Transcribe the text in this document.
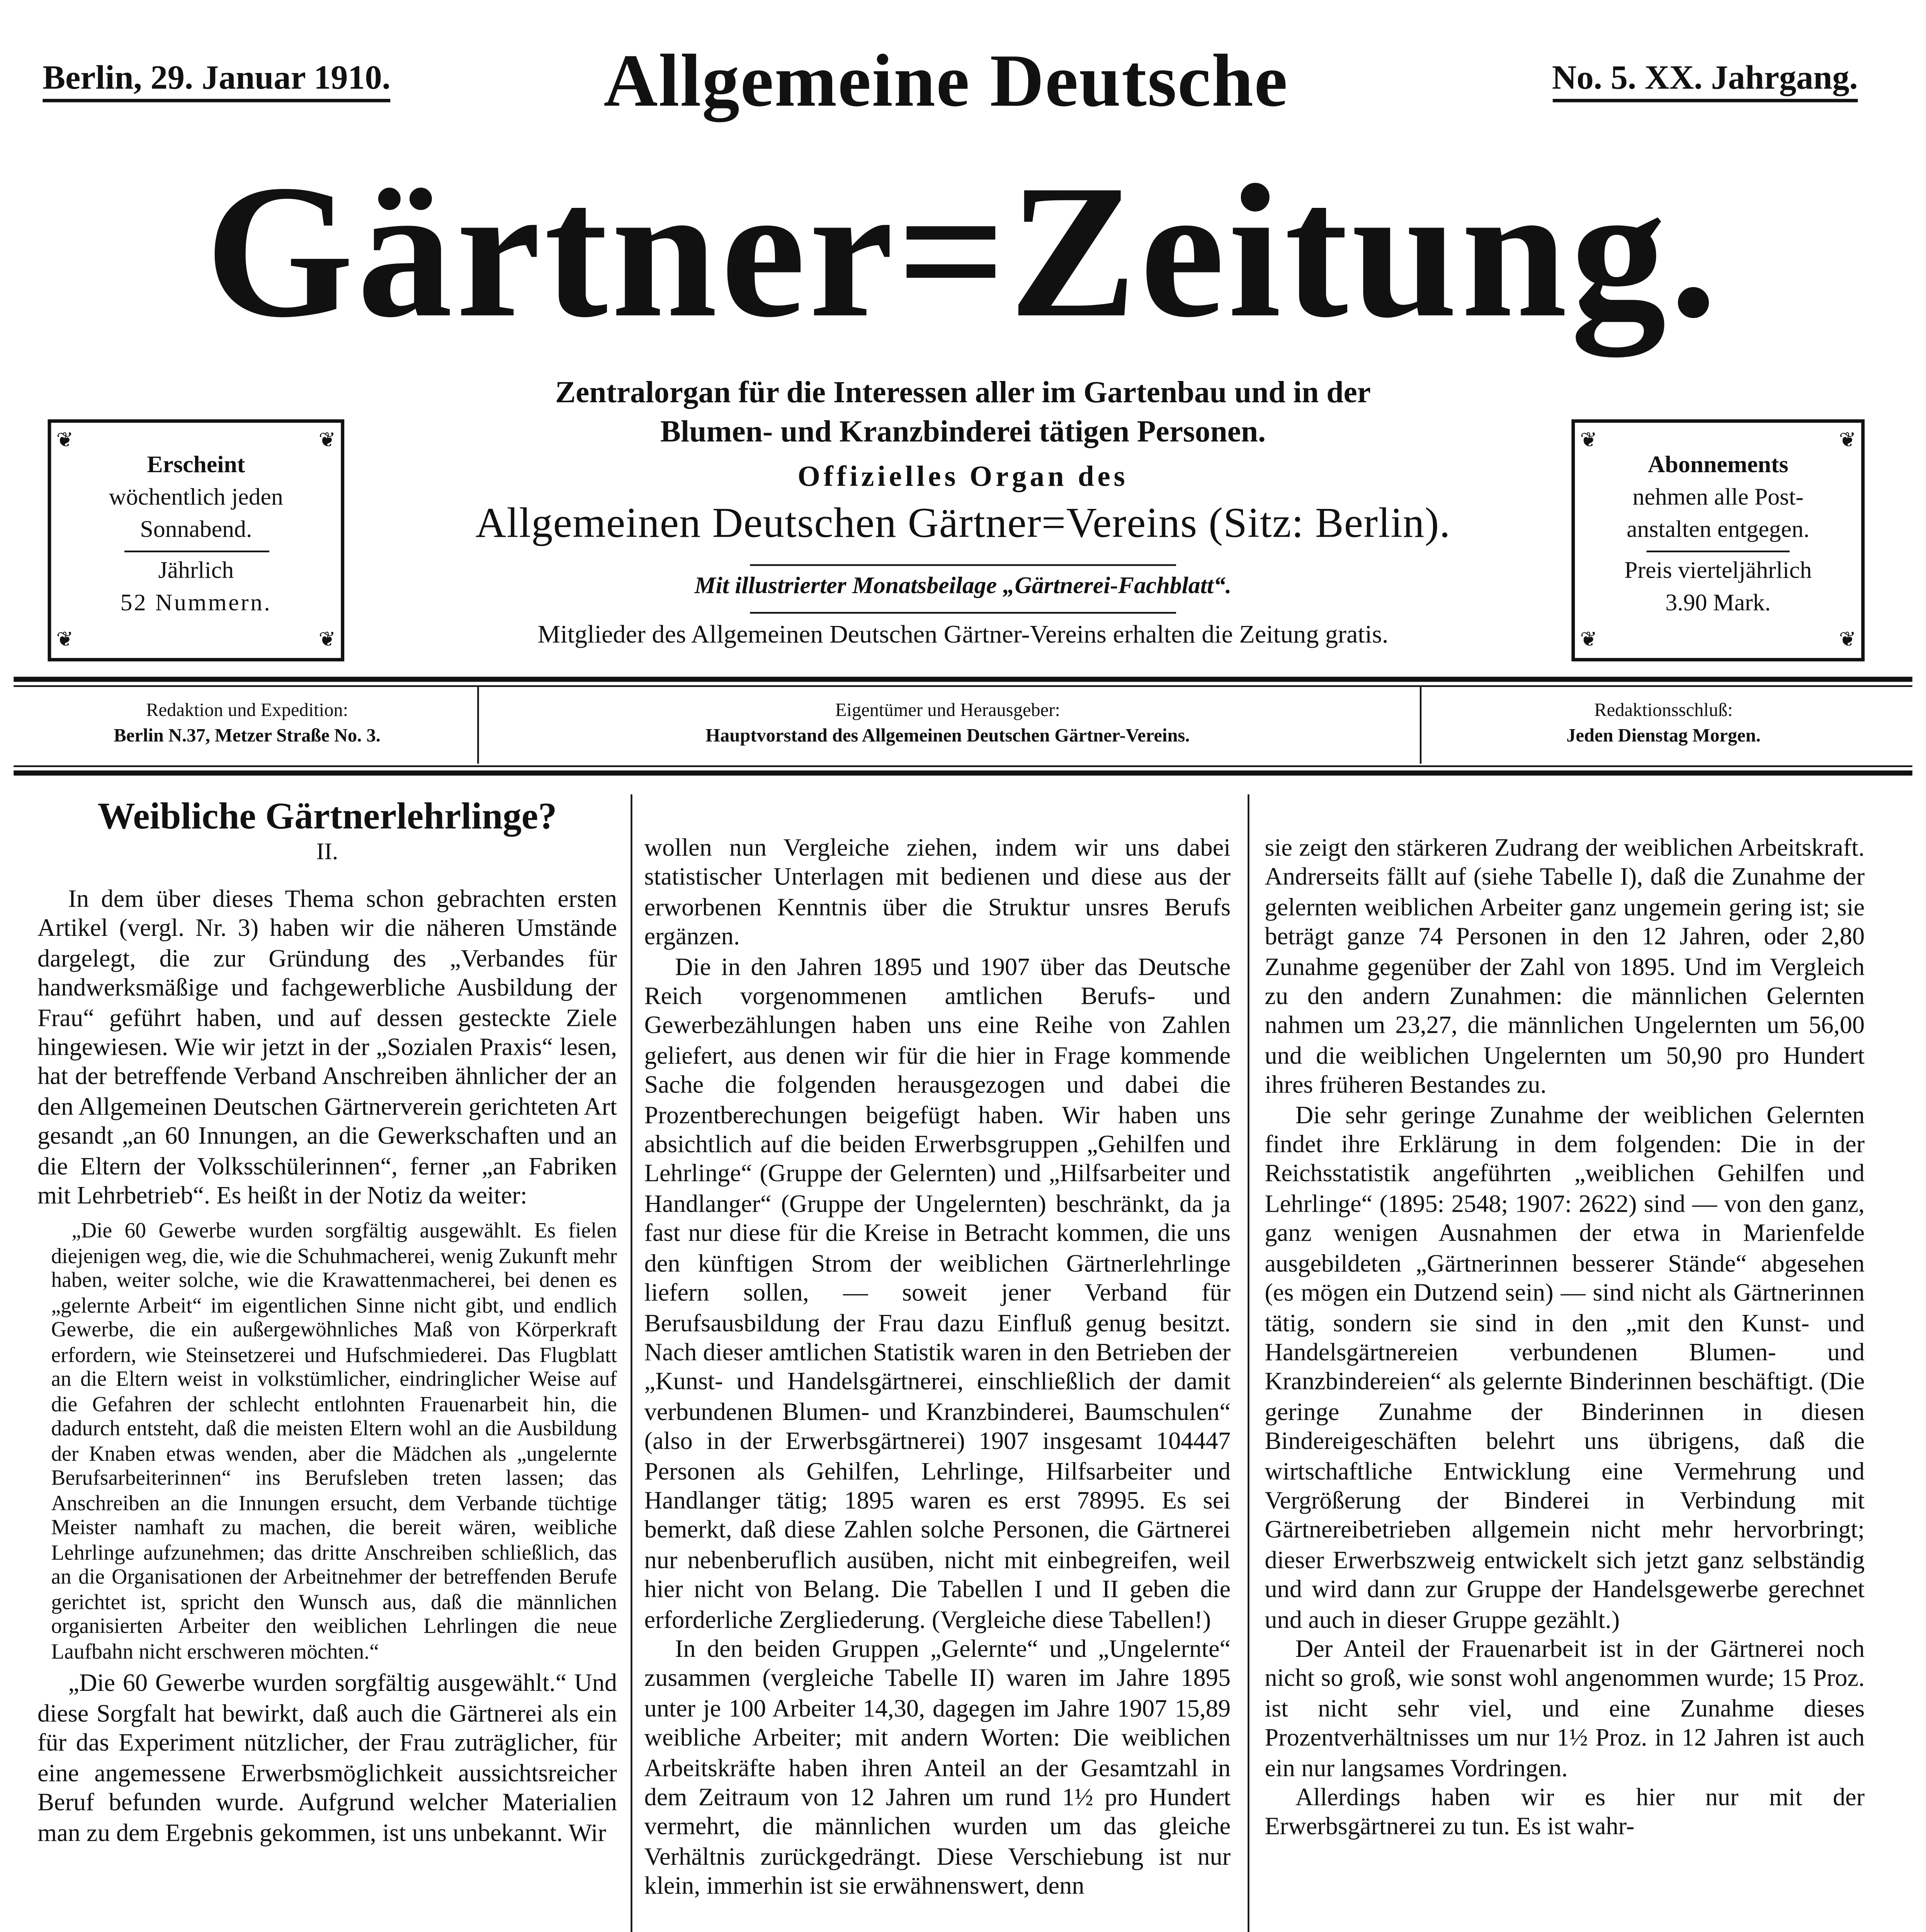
Berlin, 29. Januar 1910.	No. 5. XX. Jahrgang.
Allgemeine Deutsche
Gärtner=Zeitung.
Zentralorgan für die Interessen aller im Gartenbau und in der
Blumen- und Kranzbinderei tätigen Personen.
Offizielles Organ des
Allgemeinen Deutschen Gärtner=Vereins (Sitz: Berlin).
Mit illustrierter Monatsbeilage „Gärtnerei-Fachblatt“.
Mitglieder des Allgemeinen Deutschen Gärtner-Vereins erhalten die Zeitung gratis.
❦	❦
❦	❦
Erscheint
wöchentlich jeden
Sonnabend.
Jährlich
52 Nummern.
❦	❦
❦	❦
Abonnements
nehmen alle Post-
anstalten entgegen.
Preis vierteljährlich
3.90 Mark.
Redaktion und Expedition:
Berlin N.37, Metzer Straße No. 3.
Eigentümer und Herausgeber:
Hauptvorstand des Allgemeinen Deutschen Gärtner-Vereins.
Redaktionsschluß:
Jeden Dienstag Morgen.
Weibliche Gärtnerlehrlinge?
II.

In dem über dieses Thema schon gebrachten ersten Artikel (vergl. Nr. 3) haben wir die näheren Umstände dargelegt, die zur Gründung des „Verbandes für handwerksmäßige und fachgewerbliche Ausbildung der Frau“ geführt haben, und auf dessen gesteckte Ziele hingewiesen. Wie wir jetzt in der „Sozialen Praxis“ lesen, hat der betreffende Verband Anschreiben ähnlicher der an den Allgemeinen Deutschen Gärtnerverein gerichteten Art gesandt „an 60 Innungen, an die Gewerkschaften und an die Eltern der Volksschülerinnen“, ferner „an Fabriken mit Lehrbetrieb“. Es heißt in der Notiz da weiter:

„Die 60 Gewerbe wurden sorgfältig ausgewählt. Es fielen diejenigen weg, die, wie die Schuhmacherei, wenig Zukunft mehr haben, weiter solche, wie die Krawattenmacherei, bei denen es „gelernte Arbeit“ im eigentlichen Sinne nicht gibt, und endlich Gewerbe, die ein außergewöhnliches Maß von Körperkraft erfordern, wie Steinsetzerei und Hufschmiederei. Das Flugblatt an die Eltern weist in volkstümlicher, eindringlicher Weise auf die Gefahren der schlecht entlohnten Frauenarbeit hin, die dadurch entsteht, daß die meisten Eltern wohl an die Ausbildung der Knaben etwas wenden, aber die Mädchen als „ungelernte Berufsarbeiterinnen“ ins Berufsleben treten lassen; das Anschreiben an die Innungen ersucht, dem Verbande tüchtige Meister namhaft zu machen, die bereit wären, weibliche Lehrlinge aufzunehmen; das dritte Anschreiben schließlich, das an die Organisationen der Arbeitnehmer der betreffenden Berufe gerichtet ist, spricht den Wunsch aus, daß die männlichen organisierten Arbeiter den weiblichen Lehrlingen die neue Laufbahn nicht erschweren möchten.“

„Die 60 Gewerbe wurden sorgfältig ausgewählt.“ Und diese Sorgfalt hat bewirkt, daß auch die Gärtnerei als ein für das Experiment nützlicher, der Frau zuträglicher, für eine angemessene Erwerbsmöglichkeit aussichtsreicher Beruf befunden wurde. Aufgrund welcher Materialien man zu dem Ergebnis gekommen, ist uns unbekannt. Wir

wollen nun Vergleiche ziehen, indem wir uns dabei statistischer Unterlagen mit bedienen und diese aus der erworbenen Kenntnis über die Struktur unsres Berufs ergänzen.

Die in den Jahren 1895 und 1907 über das Deutsche Reich vorgenommenen amtlichen Berufs- und Gewerbezählungen haben uns eine Reihe von Zahlen geliefert, aus denen wir für die hier in Frage kommende Sache die folgenden herausgezogen und dabei die Prozentberechungen beigefügt haben. Wir haben uns absichtlich auf die beiden Erwerbsgruppen „Gehilfen und Lehrlinge“ (Gruppe der Gelernten) und „Hilfsarbeiter und Handlanger“ (Gruppe der Ungelernten) beschränkt, da ja fast nur diese für die Kreise in Betracht kommen, die uns den künftigen Strom der weiblichen Gärtnerlehrlinge liefern sollen, — soweit jener Verband für Berufsausbildung der Frau dazu Einfluß genug besitzt. Nach dieser amtlichen Statistik waren in den Betrieben der „Kunst- und Handelsgärtnerei, einschließlich der damit verbundenen Blumen- und Kranzbinderei, Baumschulen“ (also in der Erwerbsgärtnerei) 1907 insgesamt 104447 Personen als Gehilfen, Lehrlinge, Hilfsarbeiter und Handlanger tätig; 1895 waren es erst 78995. Es sei bemerkt, daß diese Zahlen solche Personen, die Gärtnerei nur nebenberuflich ausüben, nicht mit einbegreifen, weil hier nicht von Belang. Die Tabellen I und II geben die erforderliche Zergliederung. (Vergleiche diese Tabellen!)

In den beiden Gruppen „Gelernte“ und „Ungelernte“ zusammen (vergleiche Tabelle II) waren im Jahre 1895 unter je 100 Arbeiter 14,30, dagegen im Jahre 1907 15,89 weibliche Arbeiter; mit andern Worten: Die weiblichen Arbeitskräfte haben ihren Anteil an der Gesamtzahl in dem Zeitraum von 12 Jahren um rund 1½ pro Hundert vermehrt, die männlichen wurden um das gleiche Verhältnis zurückgedrängt. Diese Verschiebung ist nur klein, immerhin ist sie erwähnenswert, denn

sie zeigt den stärkeren Zudrang der weiblichen Arbeitskraft. Andrerseits fällt auf (siehe Tabelle I), daß die Zunahme der gelernten weiblichen Arbeiter ganz ungemein gering ist; sie beträgt ganze 74 Personen in den 12 Jahren, oder 2,80 Zunahme gegenüber der Zahl von 1895. Und im Vergleich zu den andern Zunahmen: die männlichen Gelernten nahmen um 23,27, die männlichen Ungelernten um 56,00 und die weiblichen Ungelernten um 50,90 pro Hundert ihres früheren Bestandes zu.

Die sehr geringe Zunahme der weiblichen Gelernten findet ihre Erklärung in dem folgenden: Die in der Reichsstatistik angeführten „weiblichen Gehilfen und Lehrlinge“ (1895: 2548; 1907: 2622) sind — von den ganz, ganz wenigen Ausnahmen der etwa in Marienfelde ausgebildeten „Gärtnerinnen besserer Stände“ abgesehen (es mögen ein Dutzend sein) — sind nicht als Gärtnerinnen tätig, sondern sie sind in den „mit den Kunst- und Handelsgärtnereien verbundenen Blumen- und Kranzbindereien“ als gelernte Binderinnen beschäftigt. (Die geringe Zunahme der Binderinnen in diesen Bindereigeschäften belehrt uns übrigens, daß die wirtschaftliche Entwicklung eine Vermehrung und Vergrößerung der Binderei in Verbindung mit Gärtnereibetrieben allgemein nicht mehr hervorbringt; dieser Erwerbszweig entwickelt sich jetzt ganz selbständig und wird dann zur Gruppe der Handelsgewerbe gerechnet und auch in dieser Gruppe gezählt.)

Der Anteil der Frauenarbeit ist in der Gärtnerei noch nicht so groß, wie sonst wohl angenommen wurde; 15 Proz. ist nicht sehr viel, und eine Zunahme dieses Prozentverhältnisses um nur 1½ Proz. in 12 Jahren ist auch ein nur langsames Vordringen.

Allerdings haben wir es hier nur mit der Erwerbsgärtnerei zu tun. Es ist wahr-
